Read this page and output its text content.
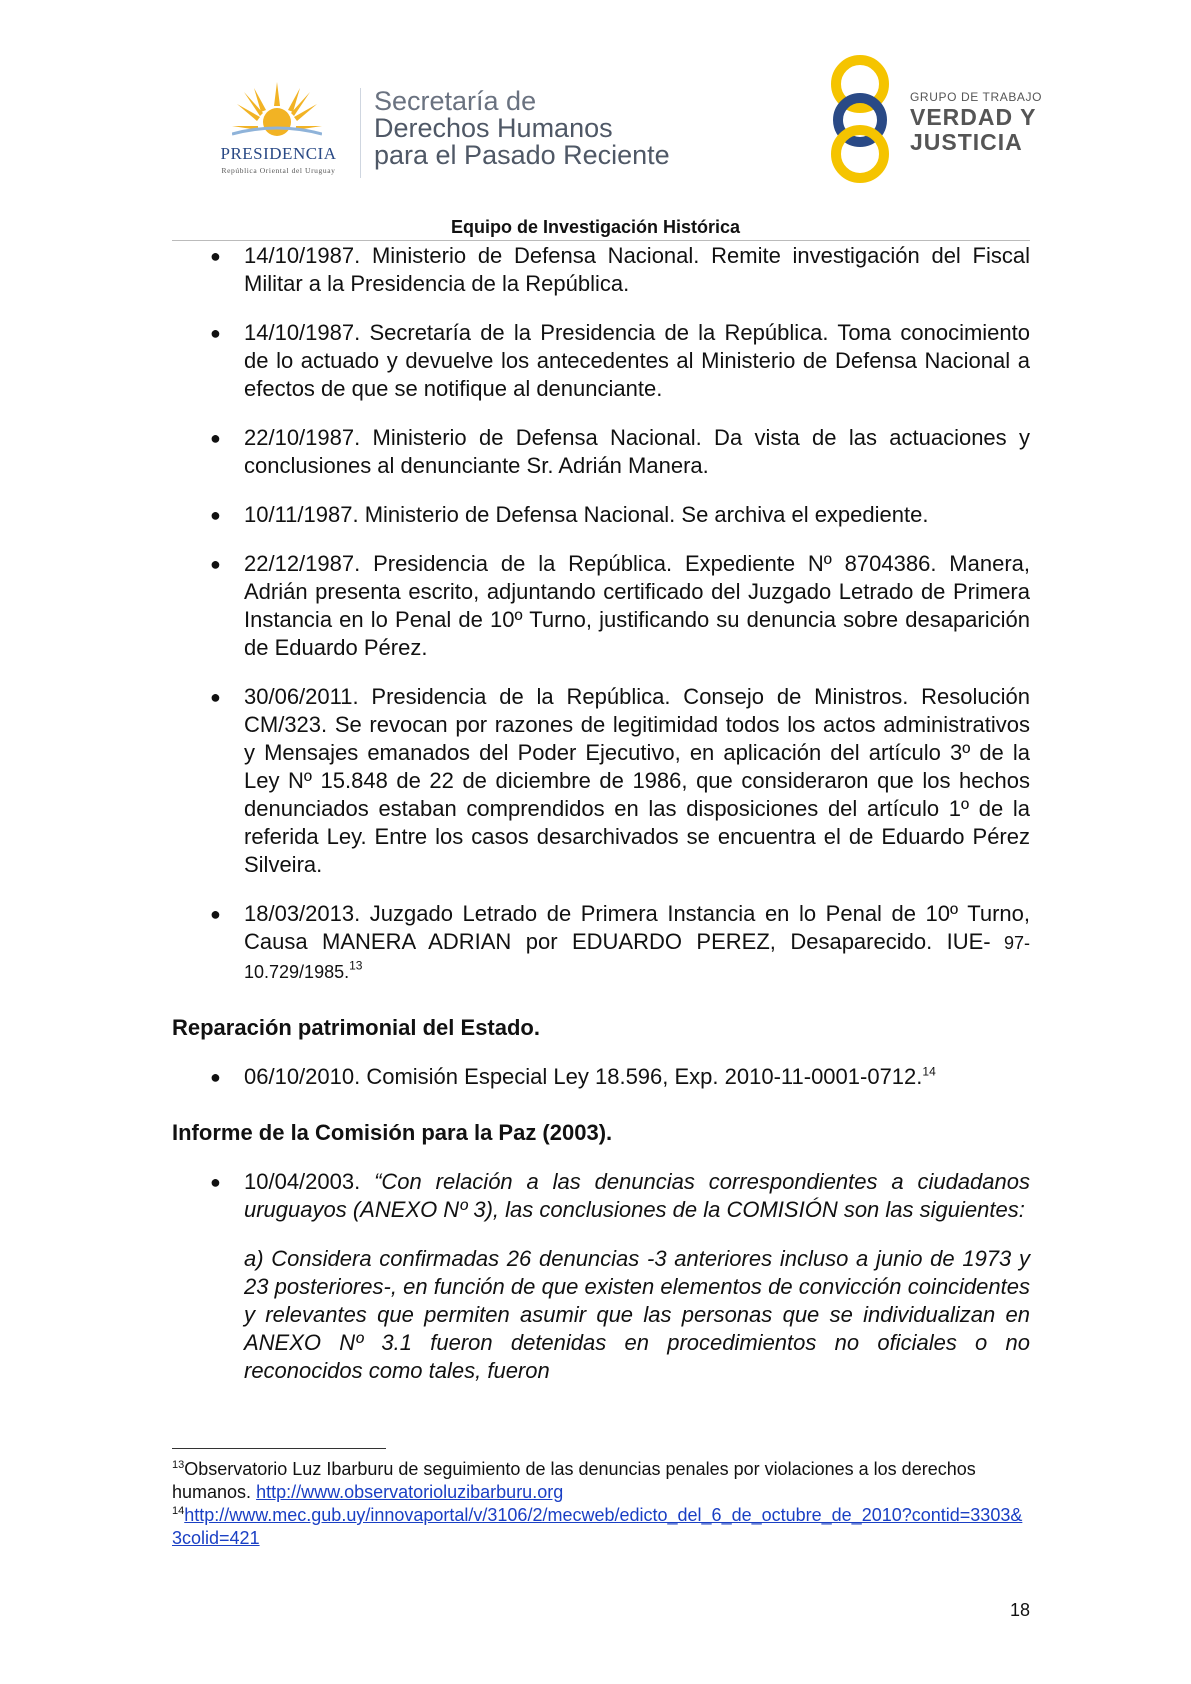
PRESIDENCIA
República Oriental del Uruguay
Secretaría de
Derechos Humanos
para el Pasado Reciente
GRUPO DE TRABAJO
VERDAD Y
JUSTICIA
Equipo de Investigación Histórica
● 14/10/1987. Ministerio de Defensa Nacional. Remite investigación del Fiscal Militar a la Presidencia de la República.

● 14/10/1987. Secretaría de la Presidencia de la República. Toma conocimiento de lo actuado y devuelve los antecedentes al Ministerio de Defensa Nacional a efectos de que se notifique al denunciante.

● 22/10/1987. Ministerio de Defensa Nacional. Da vista de las actuaciones y conclusiones al denunciante Sr. Adrián Manera.

● 10/11/1987. Ministerio de Defensa Nacional. Se archiva el expediente.

● 22/12/1987. Presidencia de la República. Expediente Nº 8704386. Manera, Adrián presenta escrito, adjuntando certificado del Juzgado Letrado de Primera Instancia en lo Penal de 10º Turno, justificando su denuncia sobre desaparición de Eduardo Pérez.

● 30/06/2011. Presidencia de la República. Consejo de Ministros. Resolución CM/323. Se revocan por razones de legitimidad todos los actos administrativos y Mensajes emanados del Poder Ejecutivo, en aplicación del artículo 3º de la Ley Nº 15.848 de 22 de diciembre de 1986, que consideraron que los hechos denunciados estaban comprendidos en las disposiciones del artículo 1º de la referida Ley. Entre los casos desarchivados se encuentra el de Eduardo Pérez Silveira.

● 18/03/2013. Juzgado Letrado de Primera Instancia en lo Penal de 10º Turno, Causa MANERA ADRIAN por EDUARDO PEREZ, Desaparecido. IUE- 97-10.729/1985.13

Reparación patrimonial del Estado.
● 06/10/2010. Comisión Especial Ley 18.596, Exp. 2010-11-0001-0712.14

Informe de la Comisión para la Paz (2003).
● 10/04/2003. “Con relación a las denuncias correspondientes a ciudadanos uruguayos (ANEXO Nº 3), las conclusiones de la COMISIÓN son las siguientes:

a) Considera confirmadas 26 denuncias -3 anteriores incluso a junio de 1973 y 23 posteriores-, en función de que existen elementos de convicción coincidentes y relevantes que permiten asumir que las personas que se individualizan en ANEXO Nº 3.1 fueron detenidas en procedimientos no oficiales o no reconocidos como tales, fueron
$^{13}$Observatorio Luz Ibarburu de seguimiento de las denuncias penales por violaciones a los derechos humanos. http://www.observatorioluzibarburu.org
$^{14}$http://www.mec.gub.uy/innovaportal/v/3106/2/mecweb/edicto_del_6_de_octubre_de_2010?contid=3303&3colid=421
18
